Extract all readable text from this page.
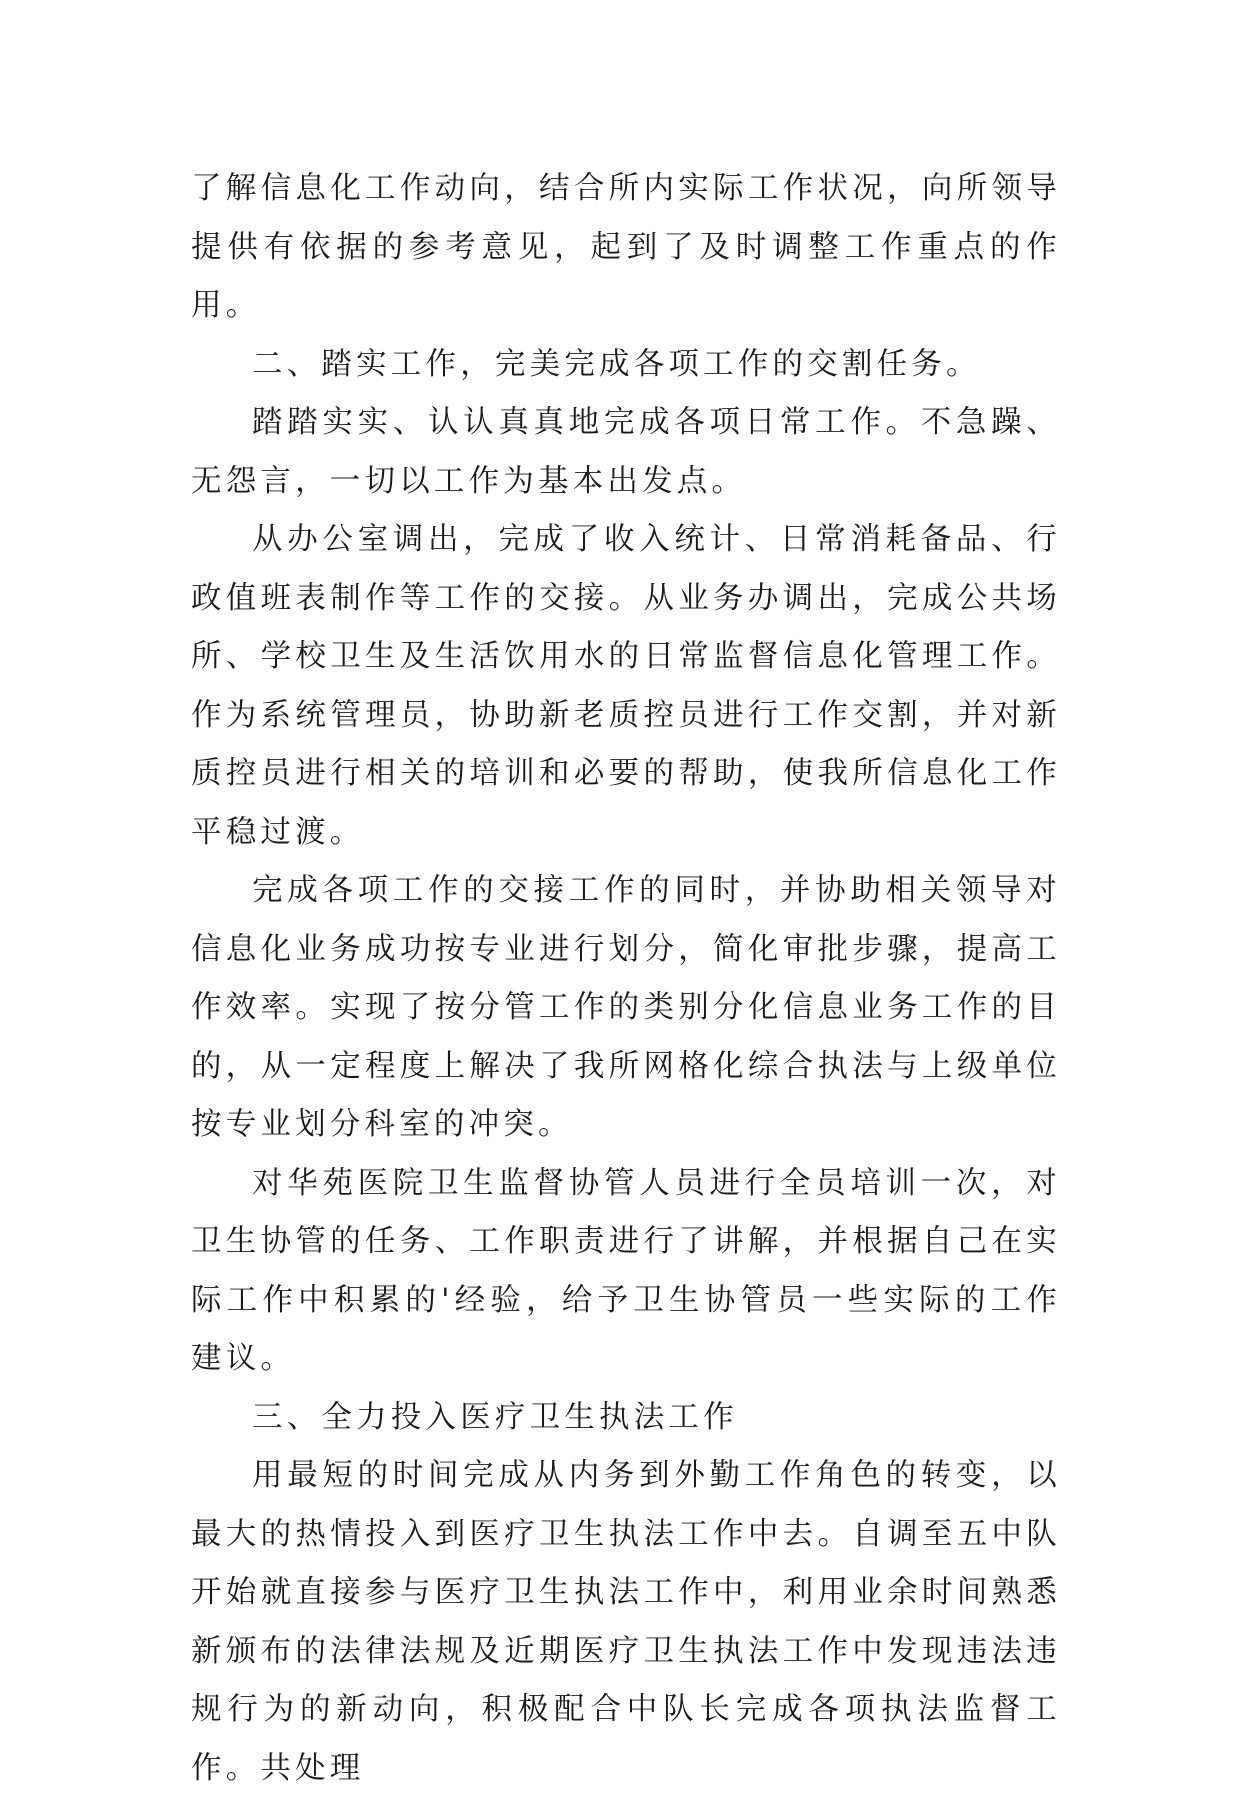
了解信息化工作动向，结合所内实际工作状况，向所领导提供有依据的参考意见，起到了及时调整工作重点的作用。

二、踏实工作，完美完成各项工作的交割任务。

踏踏实实、认认真真地完成各项日常工作。不急躁、无怨言，一切以工作为基本出发点。

从办公室调出，完成了收入统计、日常消耗备品、行政值班表制作等工作的交接。从业务办调出，完成公共场所、学校卫生及生活饮用水的日常监督信息化管理工作。作为系统管理员，协助新老质控员进行工作交割，并对新质控员进行相关的培训和必要的帮助，使我所信息化工作平稳过渡。

完成各项工作的交接工作的同时，并协助相关领导对信息化业务成功按专业进行划分，简化审批步骤，提高工作效率。实现了按分管工作的类别分化信息业务工作的目的，从一定程度上解决了我所网格化综合执法与上级单位按专业划分科室的冲突。

对华苑医院卫生监督协管人员进行全员培训一次，对卫生协管的任务、工作职责进行了讲解，并根据自己在实际工作中积累的'经验，给予卫生协管员一些实际的工作建议。

三、全力投入医疗卫生执法工作

用最短的时间完成从内务到外勤工作角色的转变，以最大的热情投入到医疗卫生执法工作中去。自调至五中队开始就直接参与医疗卫生执法工作中，利用业余时间熟悉新颁布的法律法规及近期医疗卫生执法工作中发现违法违规行为的新动向，积极配合中队长完成各项执法监督工作。共处理
